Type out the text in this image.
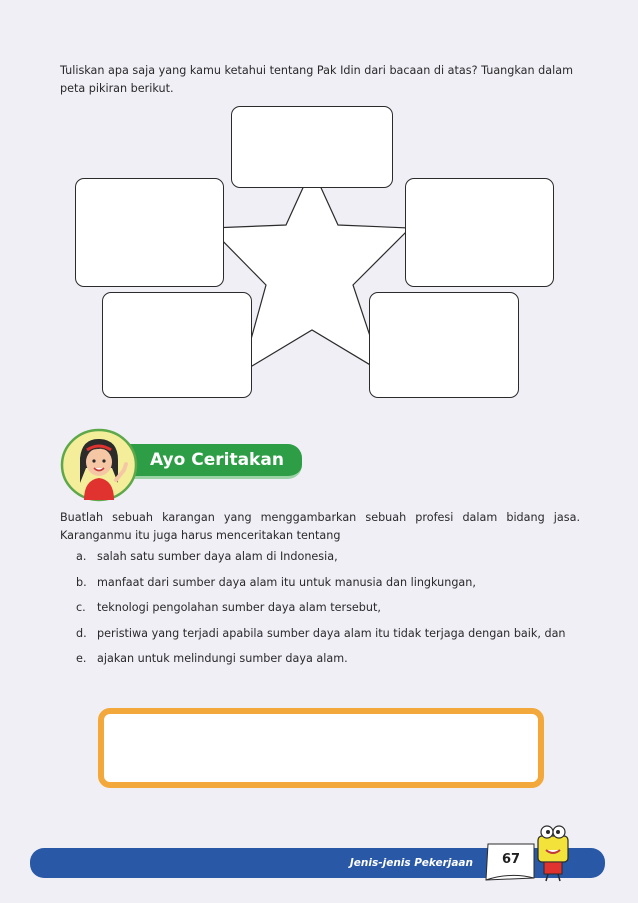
Tuliskan apa saja yang kamu ketahui tentang Pak Idin dari bacaan di atas? Tuangkan dalam peta pikiran berikut.
Ayo Ceritakan
Buatlah sebuah karangan yang menggambarkan sebuah profesi dalam bidang jasa. Karanganmu itu juga harus menceritakan tentang
a. salah satu sumber daya alam di Indonesia,
b. manfaat dari sumber daya alam itu untuk manusia dan lingkungan,
c. teknologi pengolahan sumber daya alam tersebut,
d. peristiwa yang terjadi apabila sumber daya alam itu tidak terjaga dengan baik, dan
e. ajakan untuk melindungi sumber daya alam.
Jenis-jenis Pekerjaan	67
